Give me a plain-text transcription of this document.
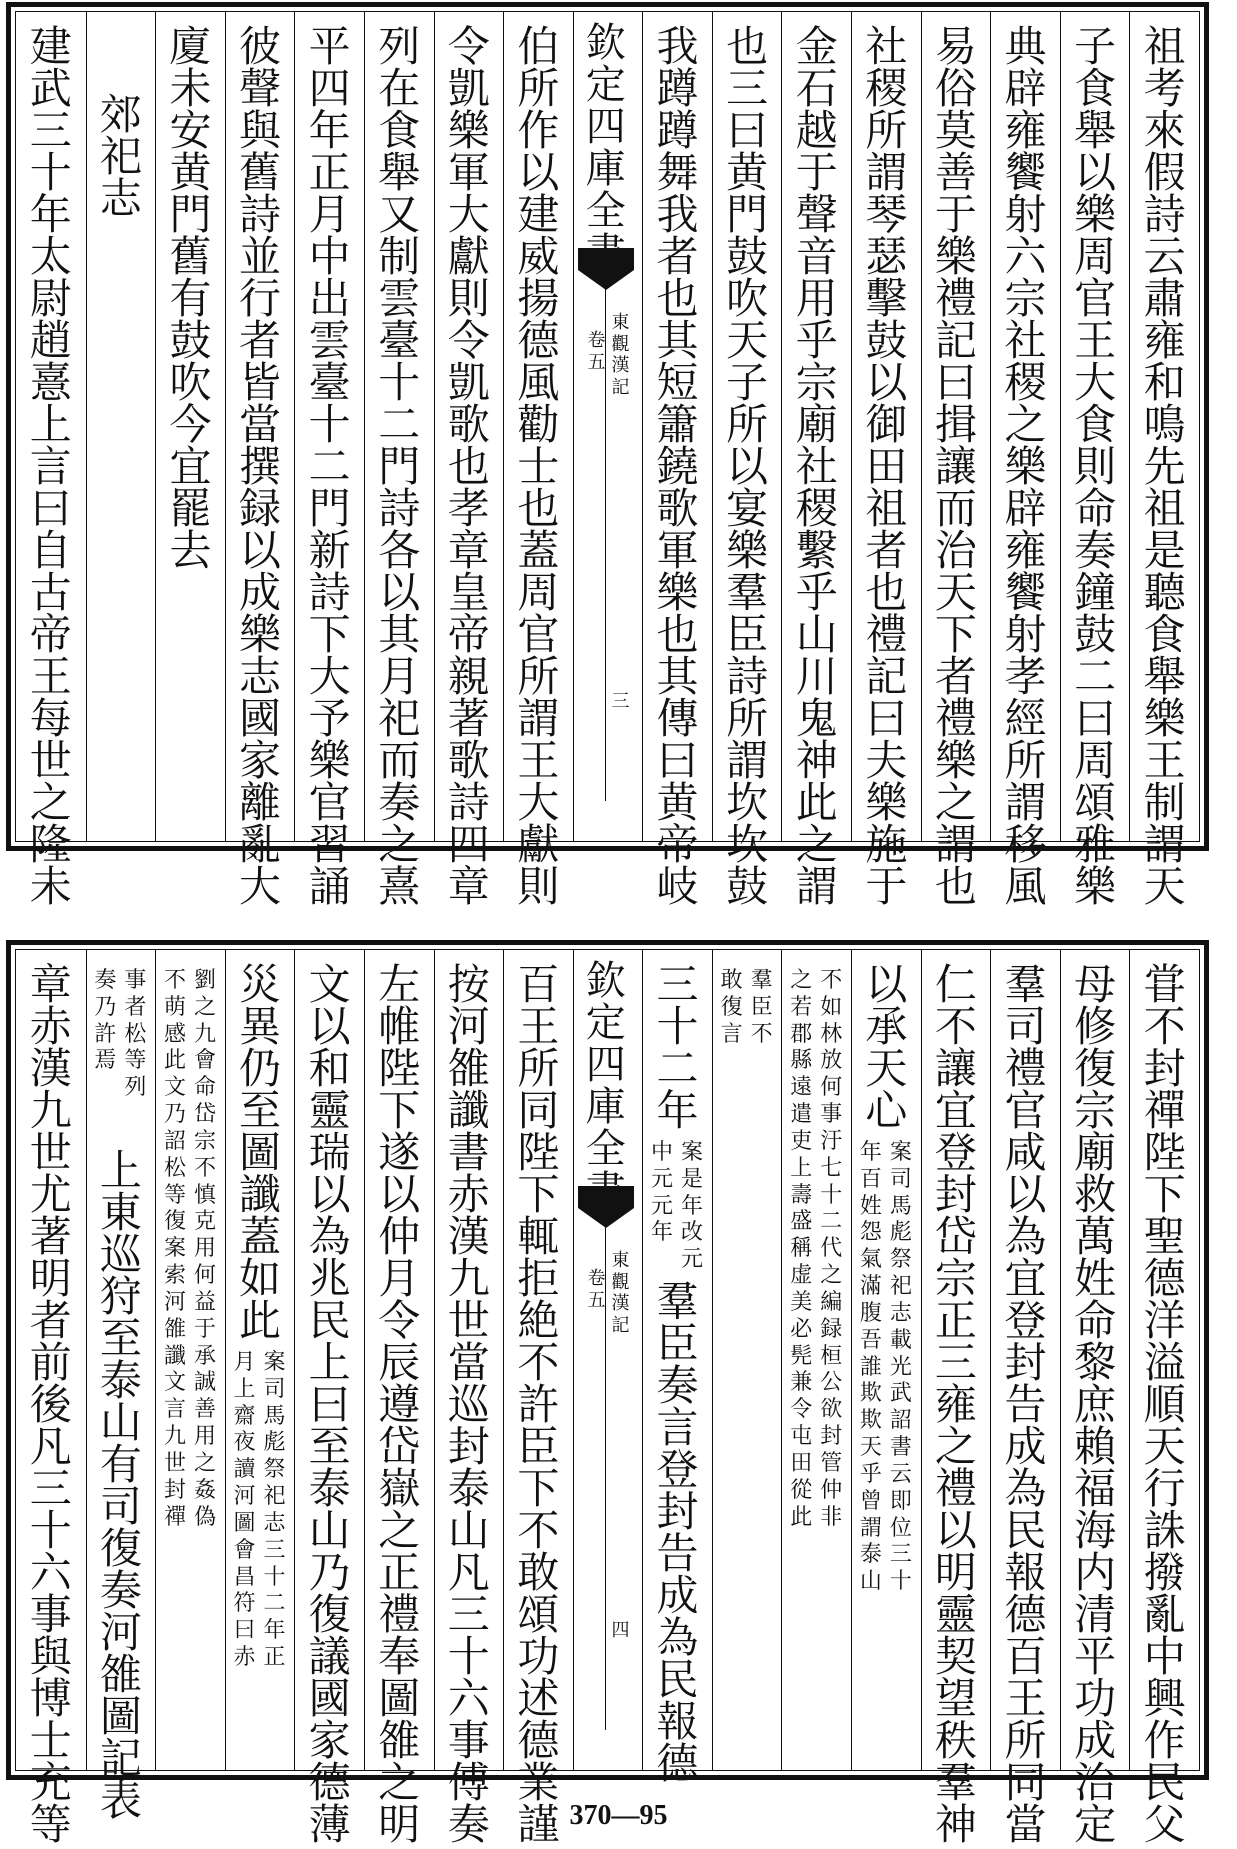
祖考來假詩云肅雍和鳴先祖是聽食舉樂王制謂天
子食舉以樂周官王大食則命奏鐘鼓二曰周頌雅樂
典辟雍饗射六宗社稷之樂辟雍饗射孝經所謂移風
易俗莫善于樂禮記曰揖讓而治天下者禮樂之謂也
社稷所謂琴瑟擊鼓以御田祖者也禮記曰夫樂施于
金石越于聲音用乎宗廟社稷繫乎山川鬼神此之謂
也三曰黄門鼓吹天子所以宴樂羣臣詩所謂坎坎鼓
我蹲蹲舞我者也其短簫鐃歌軍樂也其傳曰黄帝岐
欽定四庫全
東觀漢記
卷五
三
伯所作以建威揚德風勸士也蓋周官所謂王大獻則
令凱樂軍大獻則令凱歌也孝章皇帝親著歌詩四章
列在食舉又制雲臺十二門詩各以其月祀而奏之熹
平四年正月中出雲臺十二門新詩下大予樂官習誦
彼聲與舊詩並行者皆當撰録以成樂志國家離亂大
廈未安黄門舊有鼓吹今宜罷去
郊祀志
建武三十年太尉趙憙上言曰自古帝王每世之隆未
甞不封禪陛下聖德洋溢順天行誅撥亂中興作民父
母修復宗廟救萬姓命黎庶賴福海内清平功成治定
羣司禮官咸以為宜登封告成為民報德百王所同當
仁不讓宜登封岱宗正三雍之禮以明靈契望秩羣神
以承天心
案司馬彪祭祀志載光武詔書云即位三十
年百姓怨氣滿腹吾誰欺欺天乎曾謂泰山
不如林放何事汙七十二代之編録桓公欲封管仲非
之若郡縣遠遣吏上壽盛稱虚美必髡兼令屯田從此
羣臣不
敢復言
三十二年
案是年改元
中元元年
羣臣奏言登封告成為民報德
欽定四庫全
東觀漢記
卷五
四
百王所同陛下輒拒絶不許臣下不敢頌功述德業謹
按河雒讖書赤漢九世當巡封泰山凡三十六事傅奏
左帷陛下遂以仲月令辰遵岱嶽之正禮奉圖雒之明
文以和靈瑞以為兆民上曰至泰山乃復議國家德薄
災異仍至圖讖蓋如此
案司馬彪祭祀志三十二年正
月上齋夜讀河圖會昌符曰赤
劉之九會命岱宗不慎克用何益于承誠善用之姦偽
不萌感此文乃詔松等復案索河雒讖文言九世封禪
事者松等列
奏乃許焉
上東巡狩至泰山有司復奏河雒圖記表
章赤漢九世尤著明者前後凡三十六事與博士充等	370—95
